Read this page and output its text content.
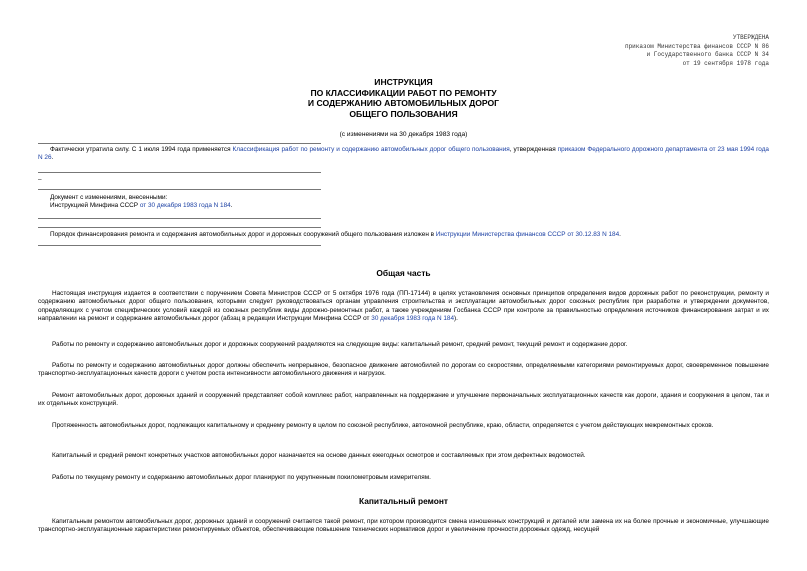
УТВЕРЖДЕНА
приказом Министерства финансов СССР N 86
и Государственного банка СССР N 34
от 19 сентября 1978 года
ИНСТРУКЦИЯ
ПО КЛАССИФИКАЦИИ РАБОТ ПО РЕМОНТУ
И СОДЕРЖАНИЮ АВТОМОБИЛЬНЫХ ДОРОГ
ОБЩЕГО ПОЛЬЗОВАНИЯ
(с изменениями на 30 декабря 1983 года)
Фактически утратила силу. С 1 июля 1994 года применяется Классификация работ по ремонту и содержанию автомобильных дорог общего пользования, утвержденная приказом Федерального дорожного департамента от 23 мая 1994 года N 26.
–
Документ с изменениями, внесенными:
Инструкцией Минфина СССР от 30 декабря 1983 года N 184.
Порядок финансирования ремонта и содержания автомобильных дорог и дорожных сооружений общего пользования изложен в Инструкции Министерства финансов СССР от 30.12.83 N 184.
Общая часть
Настоящая инструкция издается в соответствии с поручением Совета Министров СССР от 5 октября 1976 года (ПП-17144) в целях установления основных принципов определения видов дорожных работ по реконструкции, ремонту и содержанию автомобильных дорог общего пользования, которыми следует руководствоваться органам управления строительства и эксплуатации автомобильных дорог союзных республик при разработке и утверждении документов, определяющих с учетом специфических условий каждой из союзных республик виды дорожно-ремонтных работ, а также учреждениям Госбанка СССР при контроле за правильностью определения источников финансирования затрат и их направлении на ремонт и содержание автомобильных дорог (абзац в редакции Инструкции Минфина СССР от 30 декабря 1983 года N 184).
Работы по ремонту и содержанию автомобильных дорог и дорожных сооружений разделяются на следующие виды: капитальный ремонт, средний ремонт, текущий ремонт и содержание дорог.
Работы по ремонту и содержанию автомобильных дорог должны обеспечить непрерывное, безопасное движение автомобилей по дорогам со скоростями, определяемыми категориями ремонтируемых дорог, своевременное повышение транспортно-эксплуатационных качеств дороги с учетом роста интенсивности автомобильного движения и нагрузок.
Ремонт автомобильных дорог, дорожных зданий и сооружений представляет собой комплекс работ, направленных на поддержание и улучшение первоначальных эксплуатационных качеств как дороги, здания и сооружения в целом, так и их отдельных конструкций.
Протяженность автомобильных дорог, подлежащих капитальному и среднему ремонту в целом по союзной республике, автономной республике, краю, области, определяется с учетом действующих межремонтных сроков.
Капитальный и средний ремонт конкретных участков автомобильных дорог назначается на основе данных ежегодных осмотров и составляемых при этом дефектных ведомостей.
Работы по текущему ремонту и содержанию автомобильных дорог планируют по укрупненным покилометровым измерителям.
Капитальный ремонт
Капитальным ремонтом автомобильных дорог, дорожных зданий и сооружений считается такой ремонт, при котором производится смена изношенных конструкций и деталей или замена их на более прочные и экономичные, улучшающие транспортно-эксплуатационные характеристики ремонтируемых объектов, обеспечивающие повышение технических нормативов дорог и увеличение прочности дорожных одежд, несущей
